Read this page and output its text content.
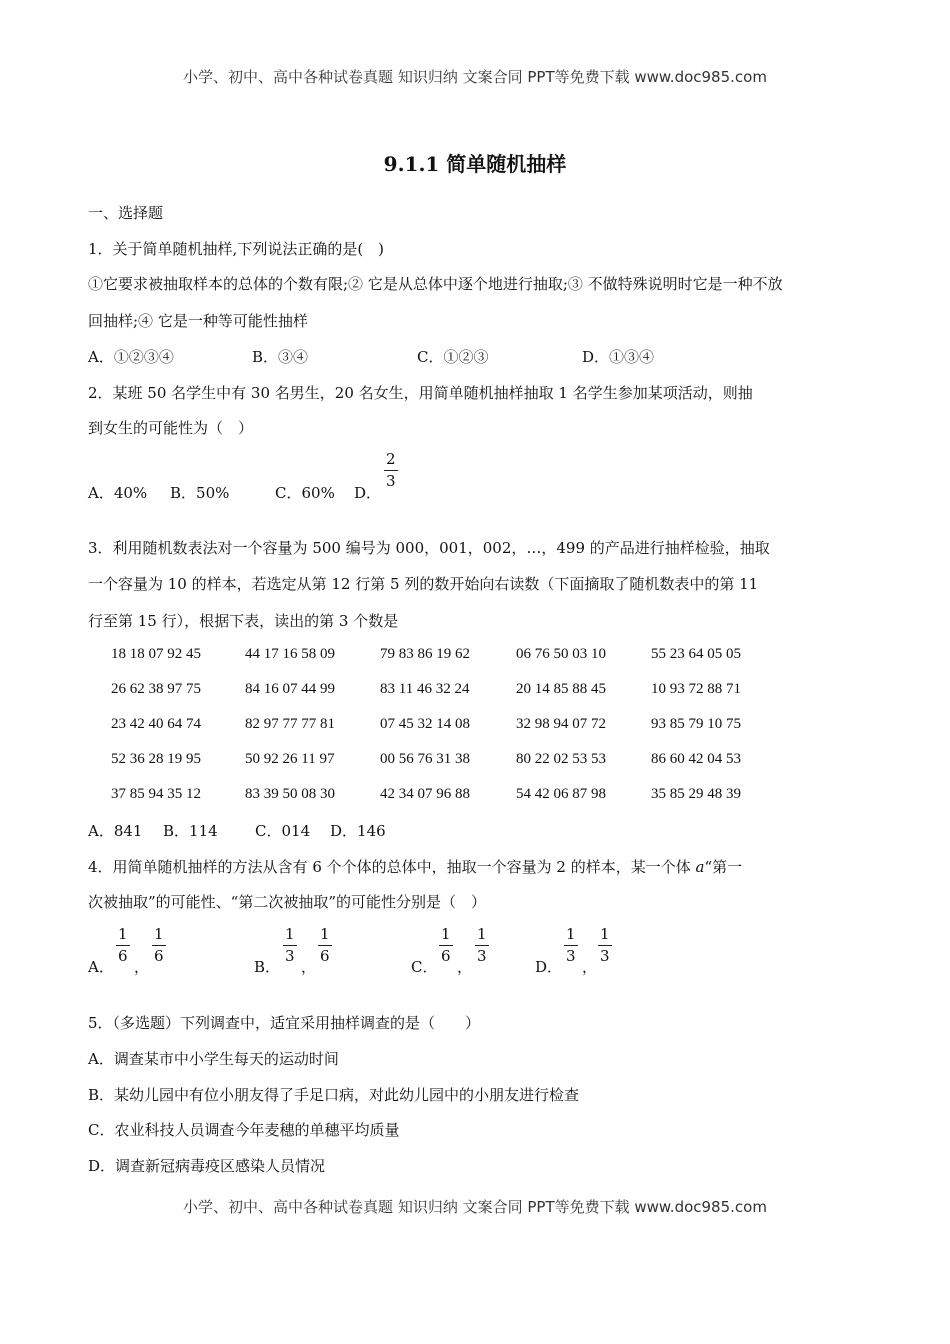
小学、初中、高中各种试卷真题 知识归纳 文案合同 PPT等免费下载 www.doc985.com
9.1.1 简单随机抽样
一、选择题
1．关于简单随机抽样,下列说法正确的是(　)
①它要求被抽取样本的总体的个数有限;② 它是从总体中逐个地进行抽取;③ 不做特殊说明时它是一种不放
回抽样;④ 它是一种等可能性抽样
A．①②③④	B．③④	C．①②③	D．①③④
2．某班 50 名学生中有 30 名男生，20 名女生，用简单随机抽样抽取 1 名学生参加某项活动，则抽
到女生的可能性为（　）
A．40% B．50%	C．60% D．
2
3
3．利用随机数表法对一个容量为 500 编号为 000，001，002，…，499 的产品进行抽样检验，抽取
一个容量为 10 的样本，若选定从第 12 行第 5 列的数开始向右读数（下面摘取了随机数表中的第 11
行至第 15 行），根据下表，读出的第 3 个数是
18 18 07 92 45	44 17 16 58 09	79 83 86 19 62	06 76 50 03 10	55 23 64 05 05
26 62 38 97 75	84 16 07 44 99	83 11 46 32 24	20 14 85 88 45	10 93 72 88 71
23 42 40 64 74	82 97 77 77 81	07 45 32 14 08	32 98 94 07 72	93 85 79 10 75
52 36 28 19 95	50 92 26 11 97	00 56 76 31 38	80 22 02 53 53	86 60 42 04 53
37 85 94 35 12	83 39 50 08 30	42 34 07 96 88	54 42 06 87 98	35 85 29 48 39
A．841 B．114 C．014 D．146
4．用简单随机抽样的方法从含有 6 个个体的总体中，抽取一个容量为 2 的样本，某一个体 a“第一
次被抽取”的可能性、“第二次被抽取”的可能性分别是（　）
A．
1
6
，
1
6
B．
1
3
，
1
6
C．
1
6
，
1
3
D．
1
3
，
1
3
5．（多选题）下列调查中，适宜采用抽样调查的是（　　）
A．调查某市中小学生每天的运动时间
B．某幼儿园中有位小朋友得了手足口病，对此幼儿园中的小朋友进行检查
C．农业科技人员调查今年麦穗的单穗平均质量
D．调查新冠病毒疫区感染人员情况
小学、初中、高中各种试卷真题 知识归纳 文案合同 PPT等免费下载 www.doc985.com
